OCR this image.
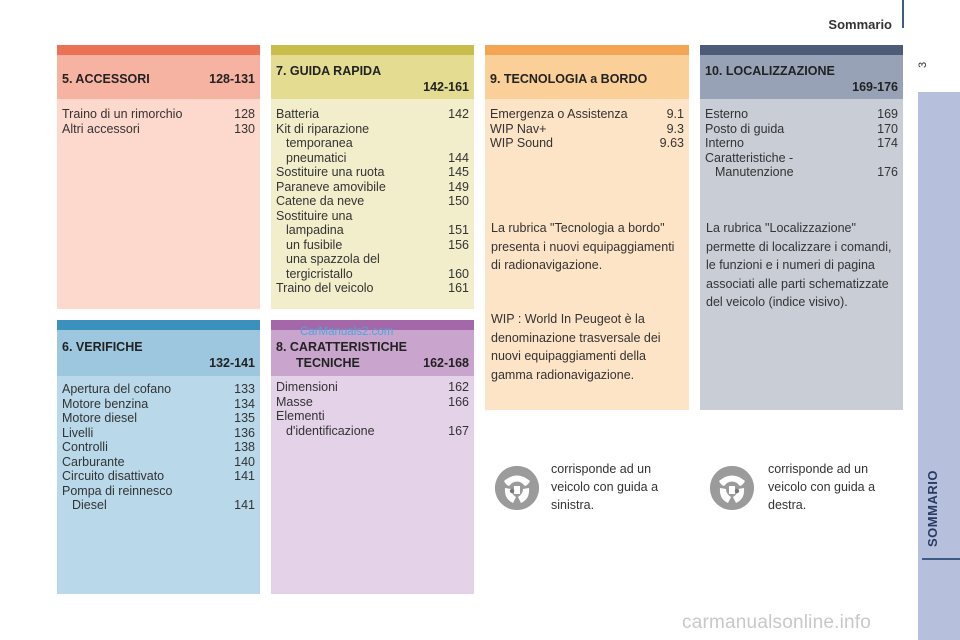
Sommario
3
SOMMARIO
5. ACCESSORI	128-131
Traino di un rimorchio	128
Altri accessori	130
7. GUIDA RAPIDA
142-161
Batteria	142
Kit di riparazione
temporanea
pneumatici	144
Sostituire una ruota	145
Paraneve amovibile	149
Catene da neve	150
Sostituire una
lampadina	151
un fusibile	156
una spazzola del
tergicristallo	160
Traino del veicolo	161
9. TECNOLOGIA a BORDO
Emergenza o Assistenza	9.1
WIP Nav+	9.3
WIP Sound	9.63
La rubrica "Tecnologia a bordo" presenta i nuovi equipaggiamenti di radionavigazione.
WIP : World In Peugeot è la denominazione trasversale dei nuovi equipaggiamenti della gamma radionavigazione.
10. LOCALIZZAZIONE
169-176
Esterno	169
Posto di guida	170
Interno	174
Caratteristiche -
Manutenzione	176
La rubrica "Localizzazione" permette di localizzare i comandi, le funzioni e i numeri di pagina associati alle parti schematizzate del veicolo (indice visivo).
6. VERIFICHE
132-141
Apertura del cofano	133
Motore benzina	134
Motore diesel	135
Livelli	136
Controlli	138
Carburante	140
Circuito disattivato	141
Pompa di reinnesco
Diesel	141
8. CARATTERISTICHE
TECNICHE	162-168
Dimensioni	162
Masse	166
Elementi
d'identificazione	167
CarManuals2.com
corrisponde ad un veicolo con guida a sinistra.
corrisponde ad un veicolo con guida a destra.
carmanualsonline.info
